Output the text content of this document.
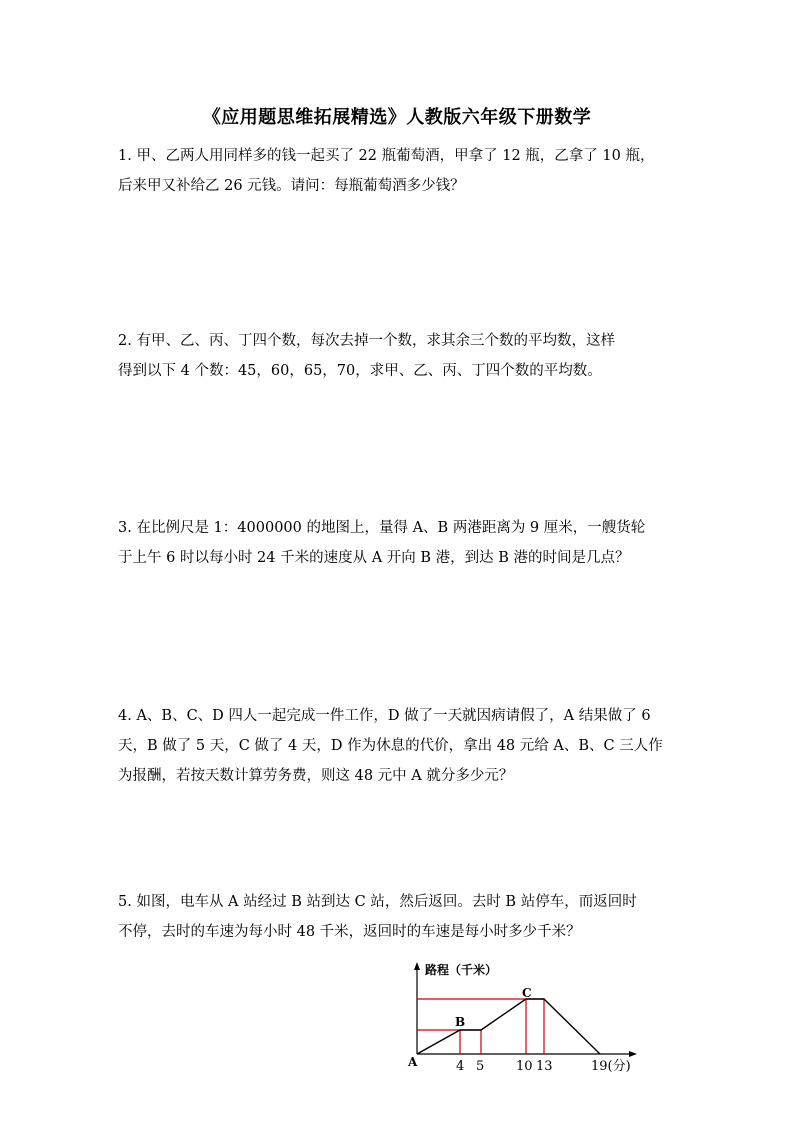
《应用题思维拓展精选》人教版六年级下册数学
1. 甲、乙两人用同样多的钱一起买了 22 瓶葡萄酒，甲拿了 12 瓶，乙拿了 10 瓶，
后来甲又补给乙 26 元钱。请问：每瓶葡萄酒多少钱？
2. 有甲、乙、丙、丁四个数，每次去掉一个数，求其余三个数的平均数，这样
得到以下 4 个数：45，60，65，70，求甲、乙、丙、丁四个数的平均数。
3. 在比例尺是 1：4000000 的地图上，量得 A、B 两港距离为 9 厘米，一艘货轮
于上午 6 时以每小时 24 千米的速度从 A 开向 B 港，到达 B 港的时间是几点？
4. A、B、C、D 四人一起完成一件工作，D 做了一天就因病请假了，A 结果做了 6
天，B 做了 5 天，C 做了 4 天，D 作为休息的代价，拿出 48 元给 A、B、C 三人作
为报酬，若按天数计算劳务费，则这 48 元中 A 就分多少元？
5. 如图，电车从 A 站经过 B 站到达 C 站，然后返回。去时 B 站停车，而返回时
不停，去时的车速为每小时 48 千米，返回时的车速是每小时多少千米？
路程（千米）
A
B
C
4 5 10 13	19(分)
